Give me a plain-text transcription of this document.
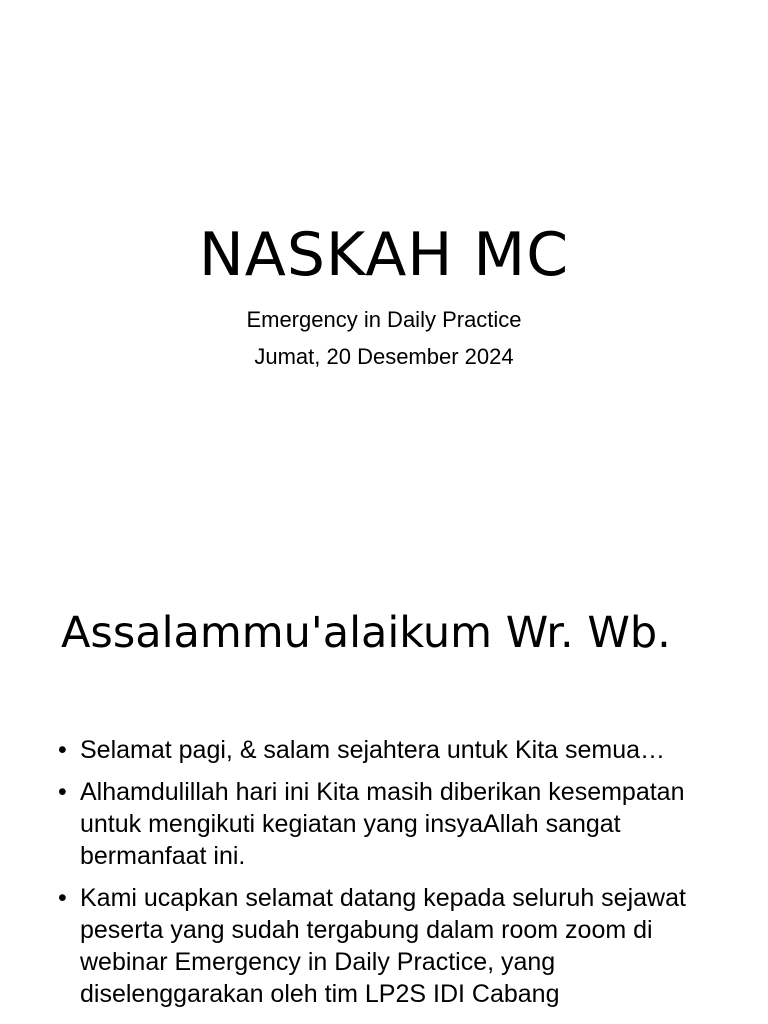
NASKAH MC
Emergency in Daily Practice
Jumat, 20 Desember 2024
Assalammu'alaikum Wr. Wb.
• Selamat pagi, & salam sejahtera untuk Kita semua…
• Alhamdulillah hari ini Kita masih diberikan kesempatan untuk mengikuti kegiatan yang insyaAllah sangat bermanfaat ini.
• Kami ucapkan selamat datang kepada seluruh sejawat peserta yang sudah tergabung dalam room zoom di webinar Emergency in Daily Practice, yang diselenggarakan oleh tim LP2S IDI Cabang
